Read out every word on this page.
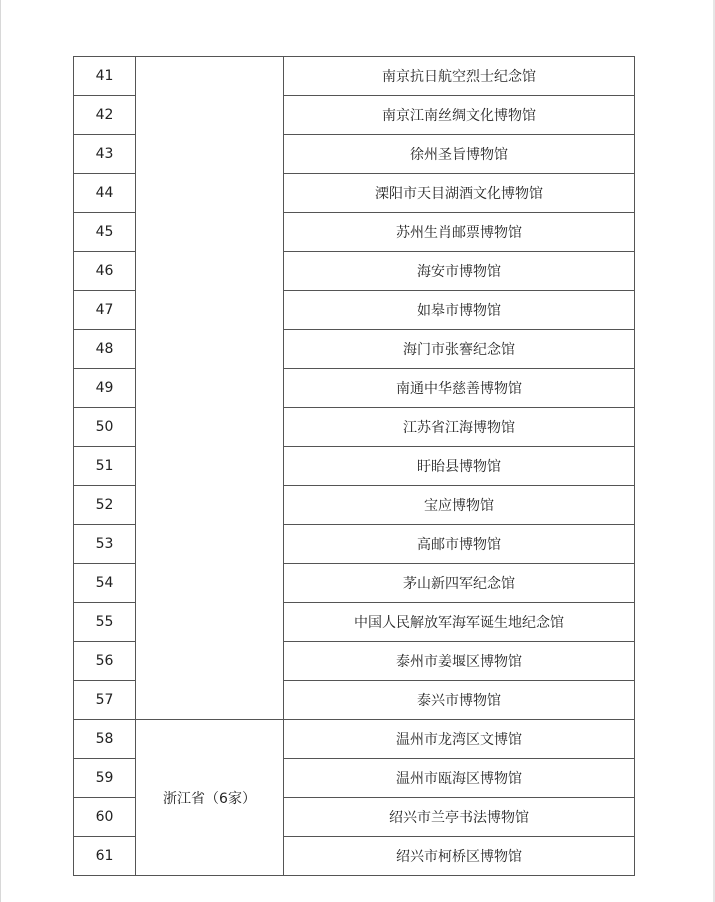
41		南京抗日航空烈士纪念馆
42		南京江南丝绸文化博物馆
43		徐州圣旨博物馆
44		溧阳市天目湖酒文化博物馆
45		苏州生肖邮票博物馆
46		海安市博物馆
47		如皋市博物馆
48		海门市张謇纪念馆
49		南通中华慈善博物馆
50		江苏省江海博物馆
51		盱眙县博物馆
52		宝应博物馆
53		高邮市博物馆
54		茅山新四军纪念馆
55		中国人民解放军海军诞生地纪念馆
56		泰州市姜堰区博物馆
57		泰兴市博物馆
58	浙江省（6家）	温州市龙湾区文博馆
59		温州市瓯海区博物馆
60		绍兴市兰亭书法博物馆
61		绍兴市柯桥区博物馆
